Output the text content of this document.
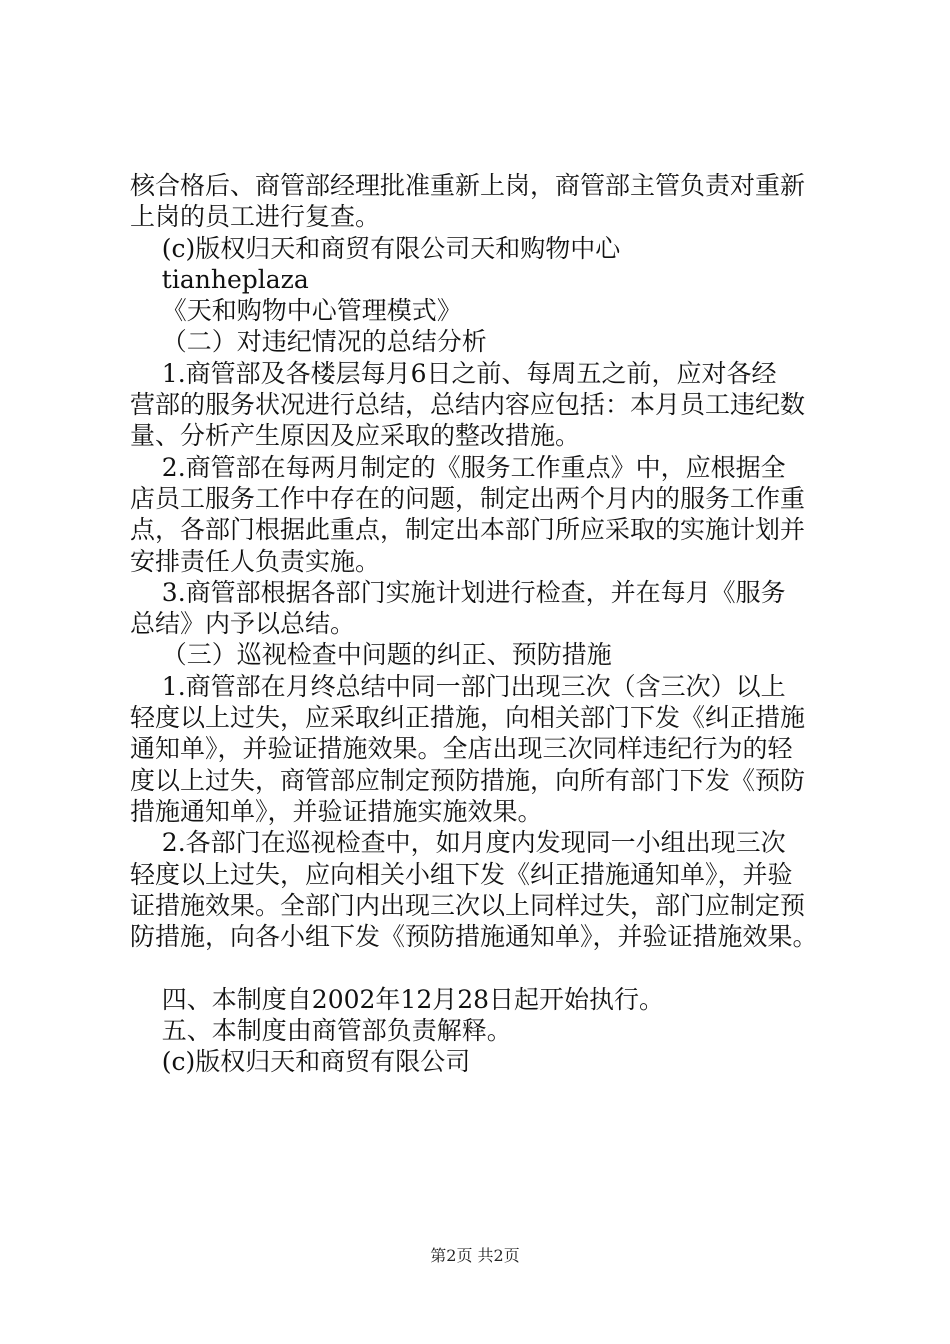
核合格后、商管部经理批准重新上岗，商管部主管负责对重新

上岗的员工进行复查。

(c)版权归天和商贸有限公司天和购物中心

tianheplaza

《天和购物中心管理模式》

（二）对违纪情况的总结分析

1.商管部及各楼层每月6日之前、每周五之前，应对各经

营部的服务状况进行总结，总结内容应包括：本月员工违纪数

量、分析产生原因及应采取的整改措施。

2.商管部在每两月制定的《服务工作重点》中，应根据全

店员工服务工作中存在的问题，制定出两个月内的服务工作重

点，各部门根据此重点，制定出本部门所应采取的实施计划并

安排责任人负责实施。

3.商管部根据各部门实施计划进行检查，并在每月《服务

总结》内予以总结。

（三）巡视检查中问题的纠正、预防措施

1.商管部在月终总结中同一部门出现三次（含三次）以上

轻度以上过失，应采取纠正措施，向相关部门下发《纠正措施

通知单》，并验证措施效果。全店出现三次同样违纪行为的轻

度以上过失，商管部应制定预防措施，向所有部门下发《预防

措施通知单》，并验证措施实施效果。

2.各部门在巡视检查中，如月度内发现同一小组出现三次

轻度以上过失，应向相关小组下发《纠正措施通知单》，并验

证措施效果。全部门内出现三次以上同样过失，部门应制定预

防措施，向各小组下发《预防措施通知单》，并验证措施效果。

四、本制度自2002年12月28日起开始执行。

五、本制度由商管部负责解释。

(c)版权归天和商贸有限公司

第2页 共2页
